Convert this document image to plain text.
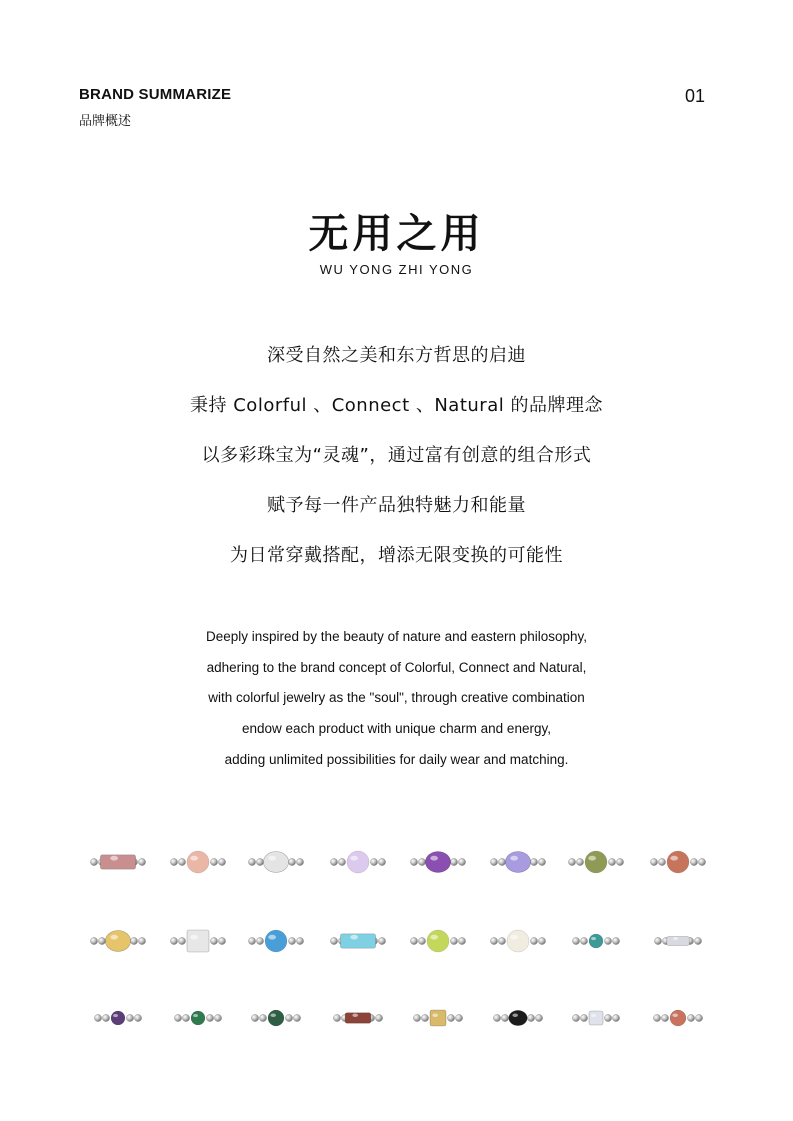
BRAND SUMMARIZE
品牌概述
01
无用之用
WU YONG ZHI YONG
深受自然之美和东方哲思的启迪
秉持 Colorful 、Connect 、Natural 的品牌理念
以多彩珠宝为“灵魂”，通过富有创意的组合形式
赋予每一件产品独特魅力和能量
为日常穿戴搭配，增添无限变换的可能性
Deeply inspired by the beauty of nature and eastern philosophy,
adhering to the brand concept of Colorful, Connect and Natural,
with colorful jewelry as the "soul", through creative combination
endow each product with unique charm and energy,
adding unlimited possibilities for daily wear and matching.
